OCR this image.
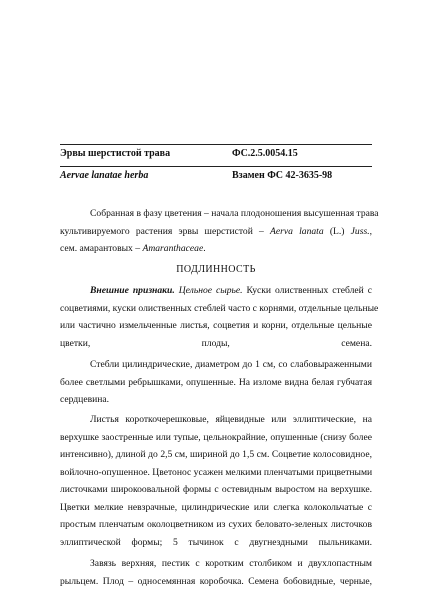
Эрвы шерстистой трава	ФС.2.5.0054.15
Aervae lanatae herba	Взамен ФС 42-3635-98
Собранная в фазу цветения – начала плодоношения высушенная трава
культивируемого растения эрвы шерстистой – Aerva lanata (L.) Juss.,
сем. амарантовых – Amaranthaceae.
ПОДЛИННОСТЬ
Внешние признаки. Цельное сырье. Куски олиственных стеблей с
соцветиями, куски олиственных стеблей часто с корнями, отдельные цельные
или частично измельченные листья, соцветия и корни, отдельные цельные
цветки, плоды, семена.
Стебли цилиндрические, диаметром до 1 см, со слабовыраженными
более светлыми ребрышками, опушенные. На изломе видна белая губчатая
сердцевина.
Листья короткочерешковые, яйцевидные или эллиптические, на
верхушке заостренные или тупые, цельнокрайние, опушенные (снизу более
интенсивно), длиной до 2,5 см, шириной до 1,5 см. Соцветие колосовидное,
войлочно-опушенное. Цветонос усажен мелкими пленчатыми прицветными
листочками широкоовальной формы с остевидным выростом на верхушке.
Цветки мелкие невзрачные, цилиндрические или слегка колокольчатые с
простым пленчатым околоцветником из сухих беловато-зеленых листочков
эллиптической формы; 5 тычинок с двугнездными пыльниками.
Завязь верхняя, пестик с коротким столбиком и двухлопастным
рыльцем. Плод – односемянная коробочка. Семена бобовидные, черные,
